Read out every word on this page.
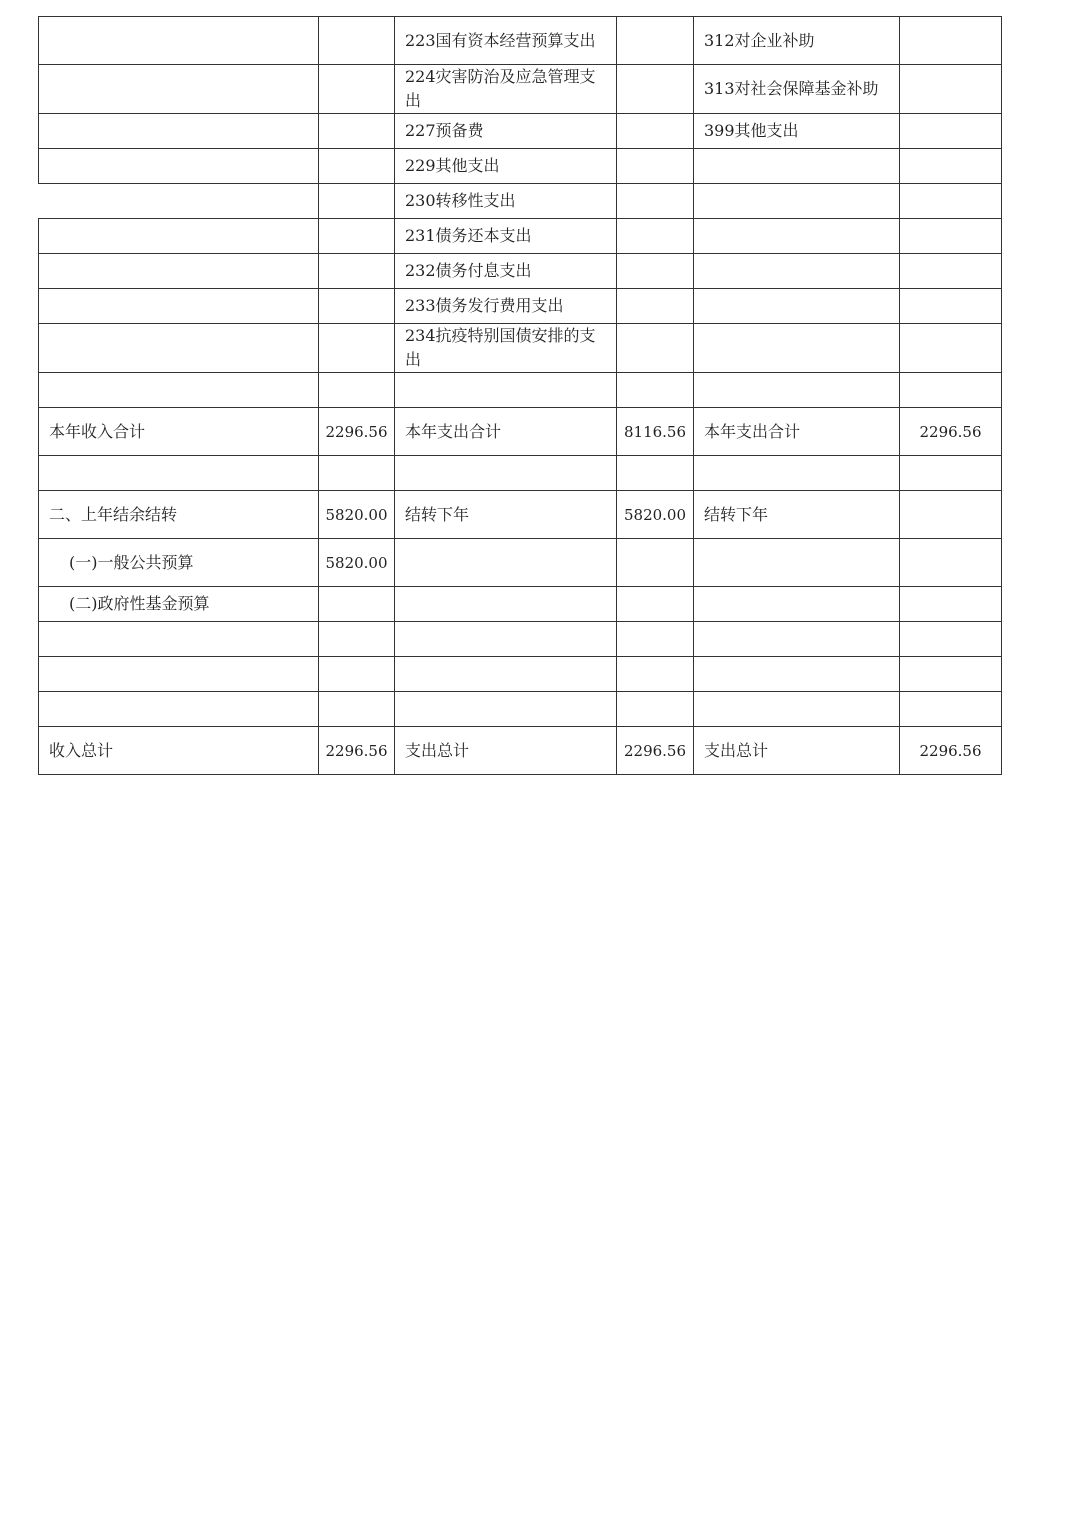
		223国有资本经营预算支出		312对企业补助	
		224灾害防治及应急管理支出		313对社会保障基金补助	
		227预备费		399其他支出	
		229其他支出			
		230转移性支出			
		231债务还本支出			
		232债务付息支出			
		233债务发行费用支出			
		234抗疫特别国债安排的支出			

本年收入合计	2296.56	本年支出合计	8116.56	本年支出合计	2296.56

二、上年结余结转	5820.00	结转下年	5820.00	结转下年	
(一)一般公共预算	5820.00				
(二)政府性基金预算					

收入总计	2296.56	支出总计	2296.56	支出总计	2296.56
